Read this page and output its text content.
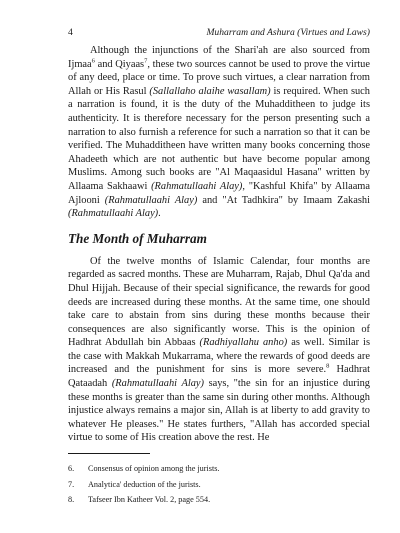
4	Muharram and Ashura (Virtues and Laws)

Although the injunctions of the Shari'ah are also sourced from Ijmaa$^6$ and Qiyaas$^7$, these two sources cannot be used to prove the virtue of any deed, place or time. To prove such virtues, a clear narration from Allah or His Rasul (Sallallaho alaihe wasallam) is required. When such a narration is found, it is the duty of the Muhadditheen to judge its authenticity. It is therefore necessary for the person presenting such a narration to also furnish a reference for such a narration so that it can be verified. The Muhadditheen have written many books concerning those Ahadeeth which are not authentic but have become popular among Muslims. Among such books are "Al Maqaasidul Hasana" written by Allaama Sakhaawi (Rahmatullaahi Alay), "Kashful Khifa" by Allaama Ajlooni (Rahmatullaahi Alay) and "At Tadhkira" by Imaam Zakashi (Rahmatullaahi Alay).

The Month of Muharram

Of the twelve months of Islamic Calendar, four months are regarded as sacred months. These are Muharram, Rajab, Dhul Qa'da and Dhul Hijjah. Because of their special significance, the rewards for good deeds are increased during these months. At the same time, one should take care to abstain from sins during these months because their consequences are also significantly worse. This is the opinion of Hadhrat Abdullah bin Abbaas (Radhiyallahu anho) as well. Similar is the case with Makkah Mukarrama, where the rewards of good deeds are increased and the punishment for sins is more severe.$^8$ Hadhrat Qataadah (Rahmatullaahi Alay) says, "the sin for an injustice during these months is greater than the same sin during other months. Although injustice always remains a major sin, Allah is at liberty to add gravity to whatever He pleases." He states furthers, "Allah has accorded special virtue to some of His creation above the rest. He

6. Consensus of opinion among the jurists.
7. Analytica' deduction of the jurists.
8. Tafseer Ibn Katheer Vol. 2, page 554.
